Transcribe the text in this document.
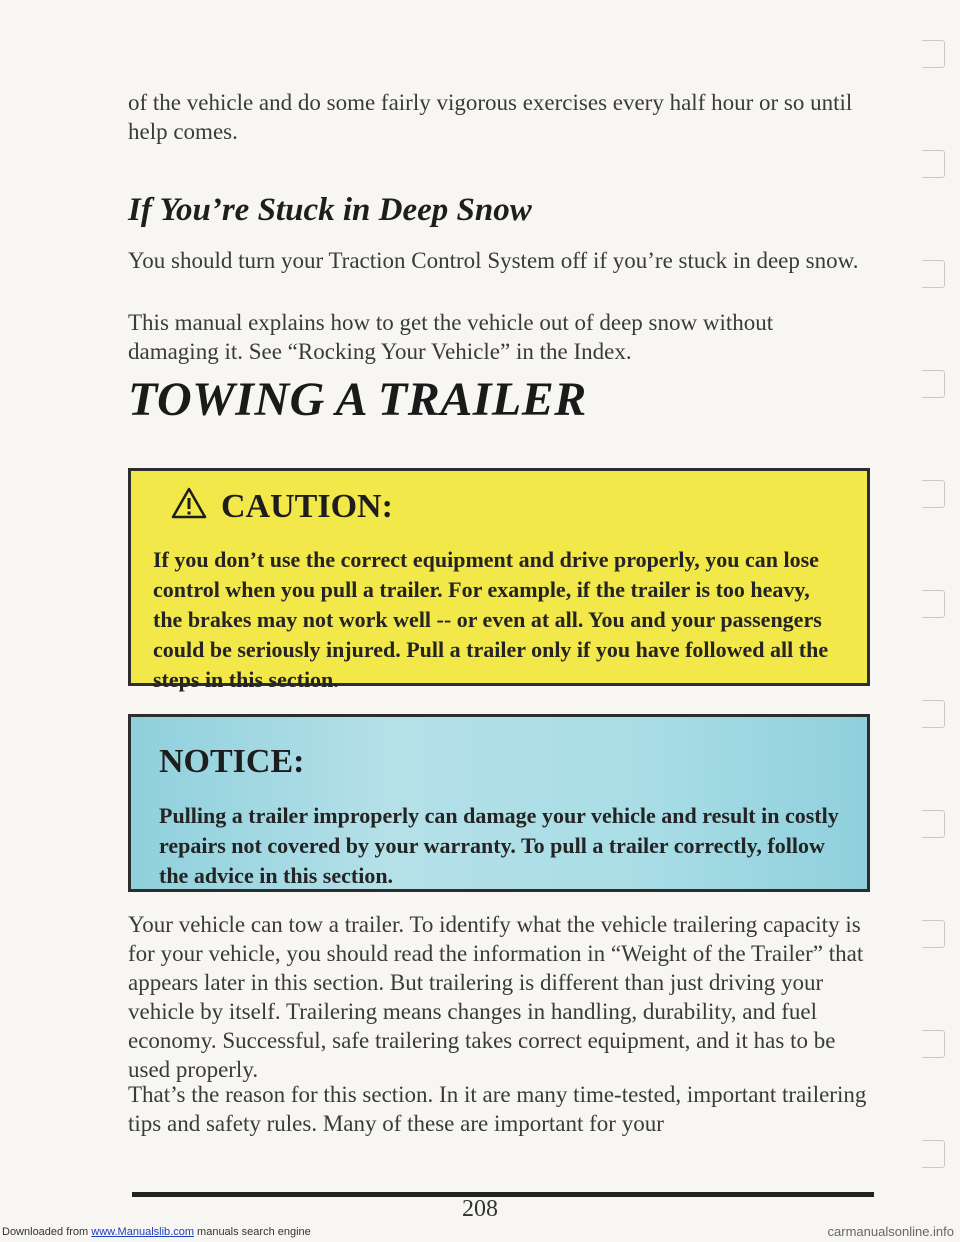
of the vehicle and do some fairly vigorous exercises every half hour or so until help comes.

If You’re Stuck in Deep Snow

You should turn your Traction Control System off if you’re stuck in deep snow.

TOWING A TRAILER
CAUTION:

If you don’t use the correct equipment and drive properly, you can lose control when you pull a trailer. For example, if the trailer is too heavy, the brakes may not work well -- or even at all. You and your passengers could be seriously injured. Pull a trailer only if you have followed all the steps in this section.

NOTICE:

Pulling a trailer improperly can damage your vehicle and result in costly repairs not covered by your warranty. To pull a trailer correctly, follow the advice in this section.

Your vehicle can tow a trailer. To identify what the vehicle trailering capacity is for your vehicle, you should read the information in “Weight of the Trailer” that appears later in this section. But trailering is different than just driving your vehicle by itself. Trailering means changes in handling, durability, and fuel economy. Successful, safe trailering takes correct equipment, and it has to be used properly.

That’s the reason for this section. In it are many time-tested, important trailering tips and safety rules. Many of these are important for your

208
Downloaded from www.Manualslib.com manuals search engine	carmanualsonline.info

This manual explains how to get the vehicle out of deep snow without damaging it. See “Rocking Your Vehicle” in the Index.
